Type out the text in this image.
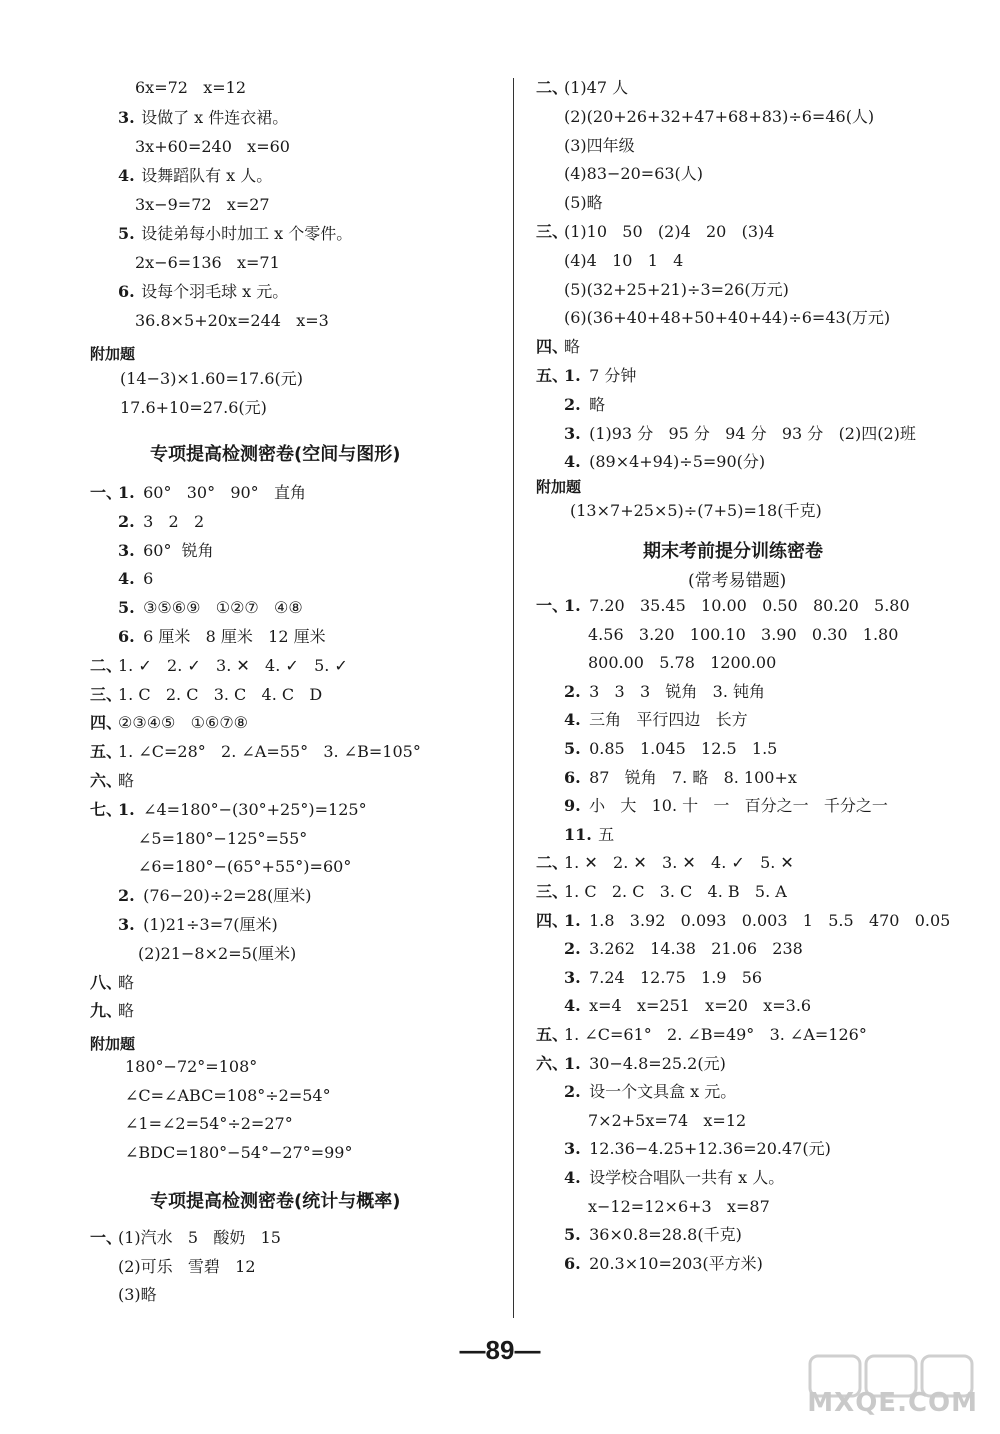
—89—
MXQE.COM
6x=72   x=12
3. 设做了 x 件连衣裙。
3x+60=240   x=60
4. 设舞蹈队有 x 人。
3x−9=72   x=27
5. 设徒弟每小时加工 x 个零件。
2x−6=136   x=71
6. 设每个羽毛球 x 元。
36.8×5+20x=244   x=3
附加题
(14−3)×1.60=17.6(元)
17.6+10=27.6(元)
专项提高检测密卷(空间与图形)
一、
1. 60°   30°   90°   直角
2. 3   2   2
3. 60°  锐角
4. 6
5. ③⑤⑥⑨   ①②⑦   ④⑧
6. 6 厘米   8 厘米   12 厘米
二、
1. ✓   2. ✓   3. ✕   4. ✓   5. ✓
三、
1. C   2. C   3. C   4. C   D
四、
②③④⑤   ①⑥⑦⑧
五、
1. ∠C=28°   2. ∠A=55°   3. ∠B=105°
六、
略
七、
1. ∠4=180°−(30°+25°)=125°
∠5=180°−125°=55°
∠6=180°−(65°+55°)=60°
2. (76−20)÷2=28(厘米)
3. (1)21÷3=7(厘米)
(2)21−8×2=5(厘米)
八、
略
九、
略
附加题
180°−72°=108°
∠C=∠ABC=108°÷2=54°
∠1=∠2=54°÷2=27°
∠BDC=180°−54°−27°=99°
专项提高检测密卷(统计与概率)
一、
(1)汽水   5   酸奶   15
(2)可乐   雪碧   12
(3)略
二、
(1)47 人
(2)(20+26+32+47+68+83)÷6=46(人)
(3)四年级
(4)83−20=63(人)
(5)略
三、
(1)10   50   (2)4   20   (3)4
(4)4   10   1   4
(5)(32+25+21)÷3=26(万元)
(6)(36+40+48+50+40+44)÷6=43(万元)
四、
略
五、
1. 7 分钟
2. 略
3. (1)93 分   95 分   94 分   93 分   (2)四(2)班
4. (89×4+94)÷5=90(分)
附加题
(13×7+25×5)÷(7+5)=18(千克)
期末考前提分训练密卷
(常考易错题)
一、
1. 7.20   35.45   10.00   0.50   80.20   5.80
4.56   3.20   100.10   3.90   0.30   1.80
800.00   5.78   1200.00
2. 3   3   3   锐角   3. 钝角
4. 三角   平行四边   长方
5. 0.85   1.045   12.5   1.5
6. 87   锐角   7. 略   8. 100+x
9. 小   大   10. 十   一   百分之一   千分之一
11. 五
二、
1. ✕   2. ✕   3. ✕   4. ✓   5. ✕
三、
1. C   2. C   3. C   4. B   5. A
四、
1. 1.8   3.92   0.093   0.003   1   5.5   470   0.05
2. 3.262   14.38   21.06   238
3. 7.24   12.75   1.9   56
4. x=4   x=251   x=20   x=3.6
五、
1. ∠C=61°   2. ∠B=49°   3. ∠A=126°
六、
1. 30−4.8=25.2(元)
2. 设一个文具盒 x 元。
7×2+5x=74   x=12
3. 12.36−4.25+12.36=20.47(元)
4. 设学校合唱队一共有 x 人。
x−12=12×6+3   x=87
5. 36×0.8=28.8(千克)
6. 20.3×10=203(平方米)
